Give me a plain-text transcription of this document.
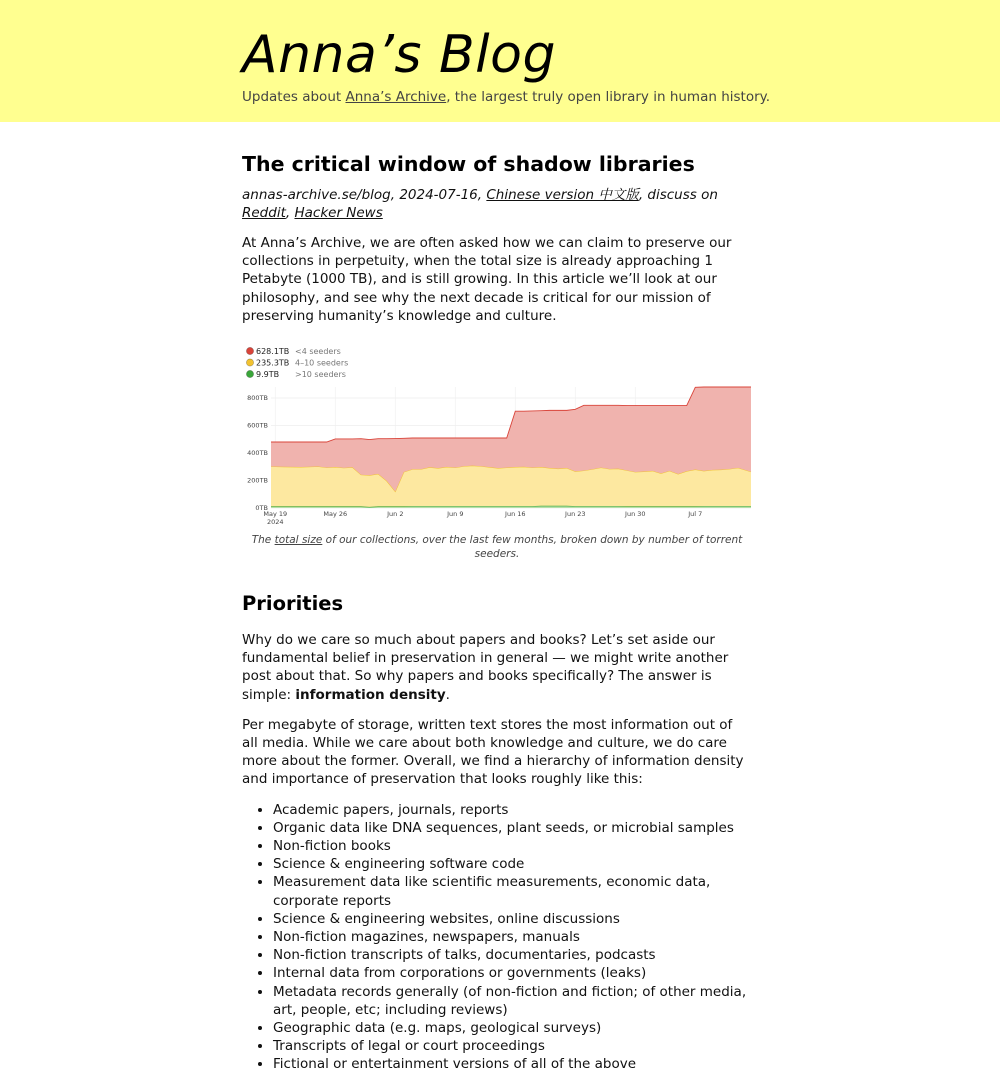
Anna’s Blog
Updates about Anna’s Archive, the largest truly open library in human history.
The critical window of shadow libraries
annas-archive.se/blog, 2024-07-16, Chinese version 中文版, discuss on Reddit, Hacker News

At Anna’s Archive, we are often asked how we can claim to preserve our collections in perpetuity, when the total size is already approaching 1 Petabyte (1000 TB), and is still growing. In this article we’ll look at our philosophy, and see why the next decade is critical for our mission of preserving humanity’s knowledge and culture.

628.1TB <4 seeders
235.3TB 4–10 seeders
9.9TB >10 seeders
0TB
200TB
400TB
600TB
800TB
May 19
2024
May 26	Jun 2	Jun 9	Jun 16	Jun 23	Jun 30	Jul 7
The total size of our collections, over the last few months, broken down by number of torrent seeders.
Priorities

Why do we care so much about papers and books? Let’s set aside our fundamental belief in preservation in general — we might write another post about that. So why papers and books specifically? The answer is simple: information density.

Per megabyte of storage, written text stores the most information out of all media. While we care about both knowledge and culture, we do care more about the former. Overall, we find a hierarchy of information density and importance of preservation that looks roughly like this:

• Academic papers, journals, reports
• Organic data like DNA sequences, plant seeds, or microbial samples
• Non-fiction books
• Science & engineering software code
• Measurement data like scientific measurements, economic data, corporate reports
• Science & engineering websites, online discussions
• Non-fiction magazines, newspapers, manuals
• Non-fiction transcripts of talks, documentaries, podcasts
• Internal data from corporations or governments (leaks)
• Metadata records generally (of non-fiction and fiction; of other media, art, people, etc; including reviews)
• Geographic data (e.g. maps, geological surveys)
• Transcripts of legal or court proceedings
• Fictional or entertainment versions of all of the above
